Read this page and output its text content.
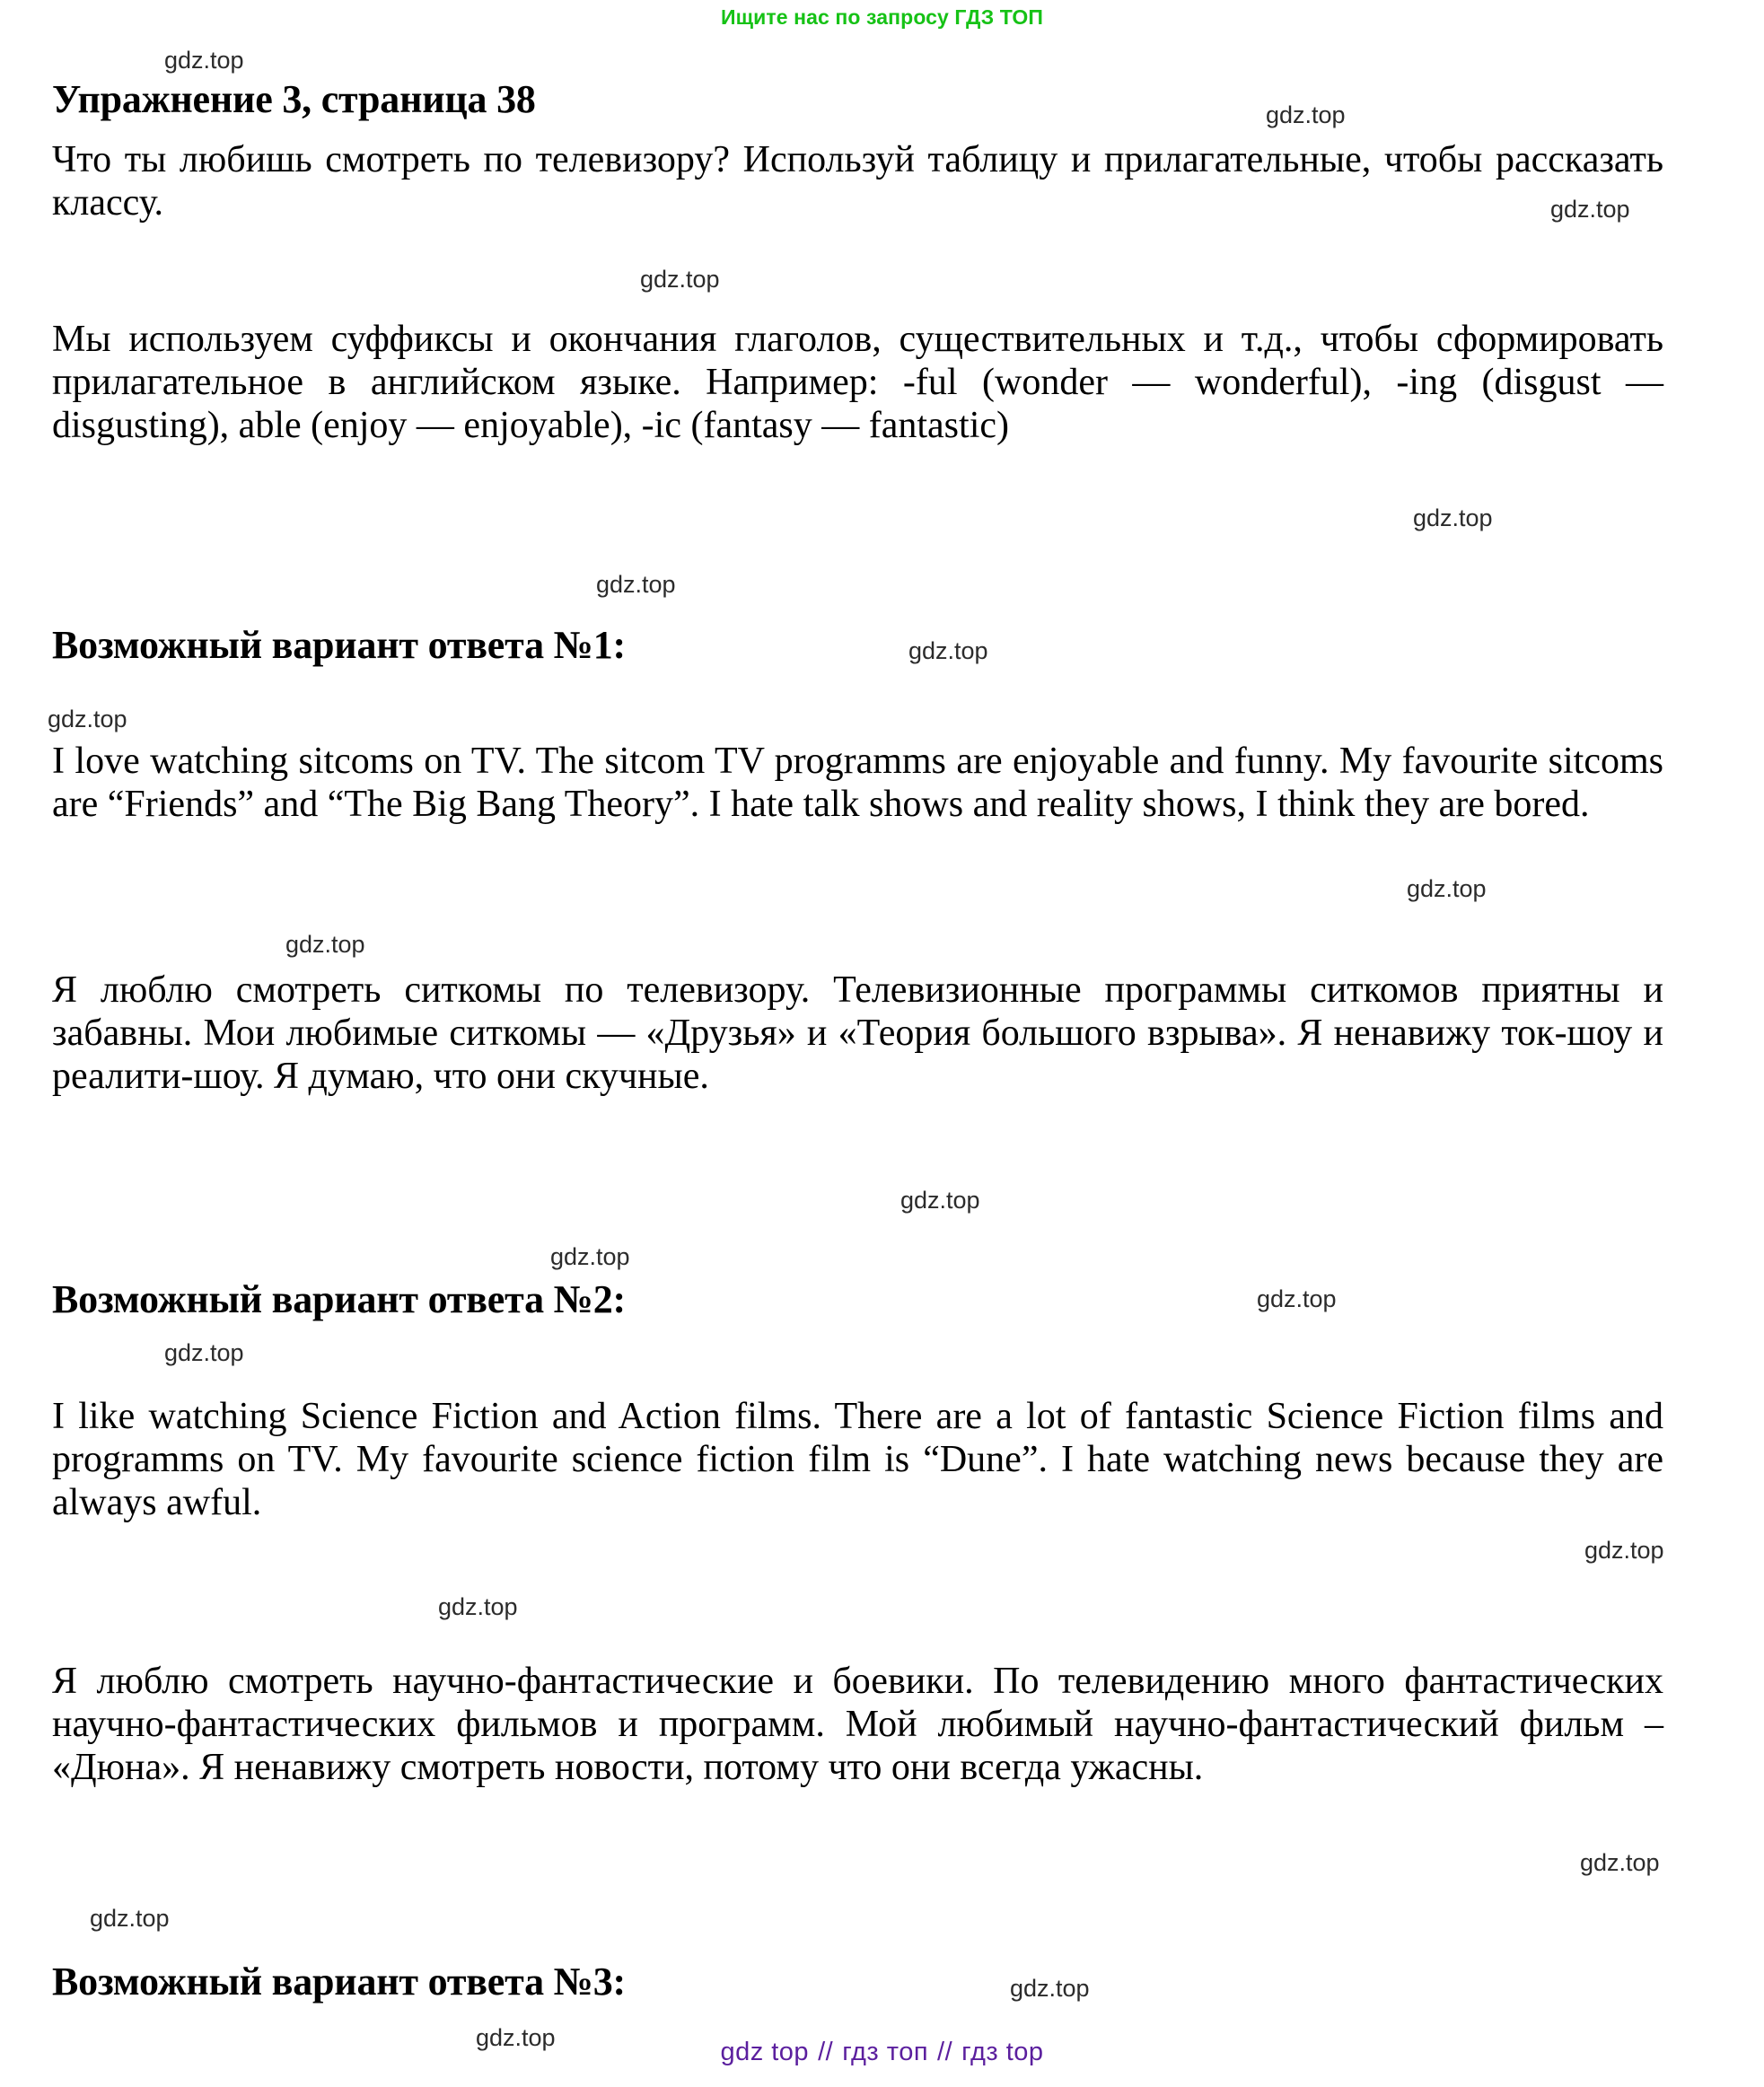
Ищите нас по запросу ГДЗ ТОП
gdz.top
gdz.top
gdz.top
gdz.top
gdz.top
gdz.top
gdz.top
gdz.top
gdz.top
gdz.top
gdz.top
gdz.top
gdz.top
gdz.top
gdz.top
gdz.top
gdz.top
gdz.top
gdz.top
gdz.top
Упражнение 3, страница 38

Что ты любишь смотреть по телевизору? Используй таблицу и прилагательные, чтобы рассказать классу.

Мы используем суффиксы и окончания глаголов, существительных и т.д., чтобы сформировать прилагательное в английском языке. Например: -ful (wonder — wonderful), -ing (disgust — disgusting), able (enjoy — enjoyable), -ic (fantasy — fantastic)

Возможный вариант ответа №1:

I love watching sitcoms on TV. The sitcom TV programms are enjoyable and funny. My favourite sitcoms are “Friends” and “The Big Bang Theory”. I hate talk shows and reality shows, I think they are bored.

Я люблю смотреть ситкомы по телевизору. Телевизионные программы ситкомов приятны и забавны. Мои любимые ситкомы — «Друзья» и «Теория большого взрыва». Я ненавижу ток-шоу и реалити-шоу. Я думаю, что они скучные.

Возможный вариант ответа №2:

I like watching Science Fiction and Action films. There are a lot of fantastic Science Fiction films and programms on TV. My favourite science fiction film is “Dune”. I hate watching news because they are always awful.

Я люблю смотреть научно-фантастические и боевики. По телевидению много фантастических научно-фантастических фильмов и программ. Мой любимый научно-фантастический фильм – «Дюна». Я ненавижу смотреть новости, потому что они всегда ужасны.

Возможный вариант ответа №3:
gdz top // гдз топ // гдз top
